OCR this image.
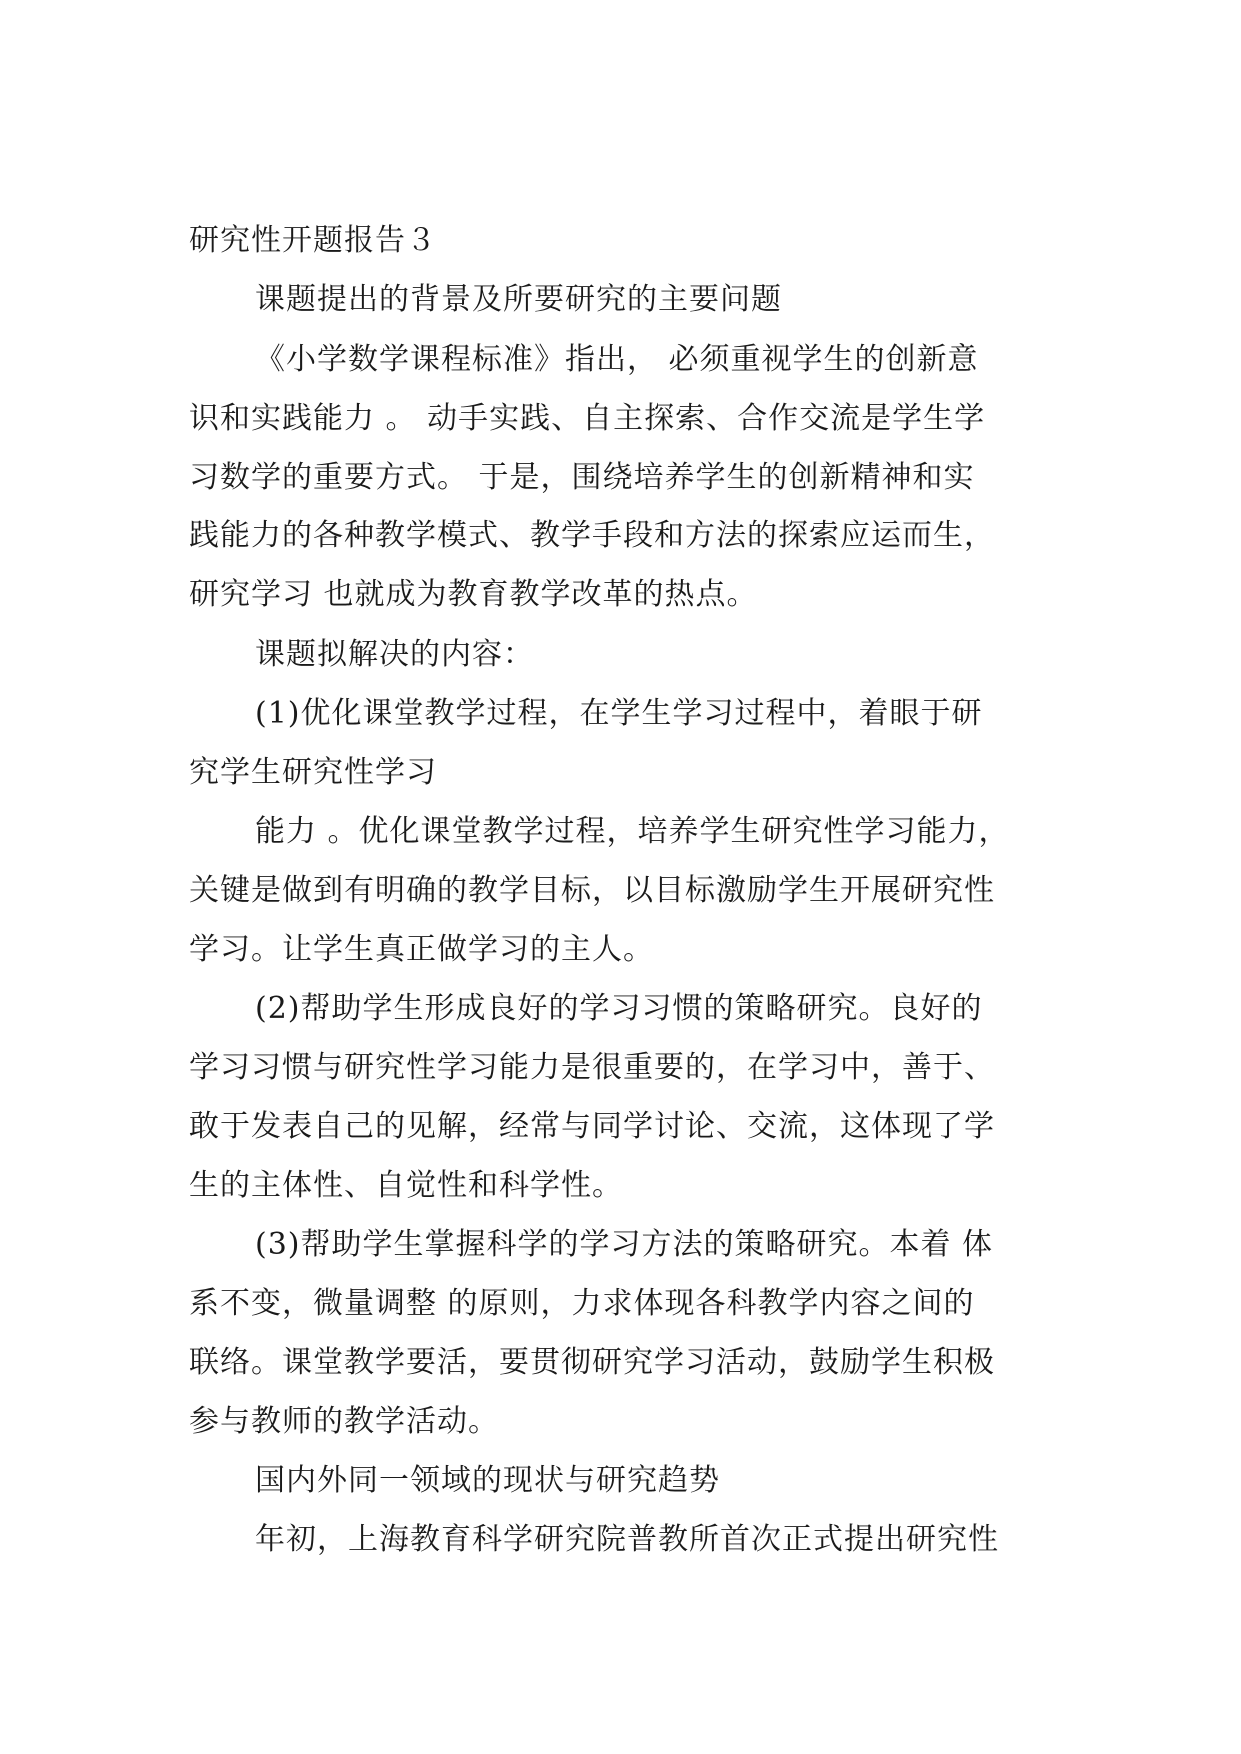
研究性开题报告３
课题提出的背景及所要研究的主要问题
《小学数学课程标准》指出， 必须重视学生的创新意
识和实践能力 。 动手实践、自主探索、合作交流是学生学
习数学的重要方式。 于是，围绕培养学生的创新精神和实
践能力的各种教学模式、教学手段和方法的探索应运而生，
研究学习 也就成为教育教学改革的热点。
课题拟解决的内容：
(1)优化课堂教学过程，在学生学习过程中，着眼于研
究学生研究性学习
能力 。优化课堂教学过程，培养学生研究性学习能力，
关键是做到有明确的教学目标，以目标激励学生开展研究性
学习。让学生真正做学习的主人。
(2)帮助学生形成良好的学习习惯的策略研究。良好的
学习习惯与研究性学习能力是很重要的，在学习中，善于、
敢于发表自己的见解，经常与同学讨论、交流，这体现了学
生的主体性、自觉性和科学性。
(3)帮助学生掌握科学的学习方法的策略研究。本着 体
系不变，微量调整 的原则，力求体现各科教学内容之间的
联络。课堂教学要活，要贯彻研究学习活动，鼓励学生积极
参与教师的教学活动。
国内外同一领域的现状与研究趋势
年初，上海教育科学研究院普教所首次正式提出研究性
